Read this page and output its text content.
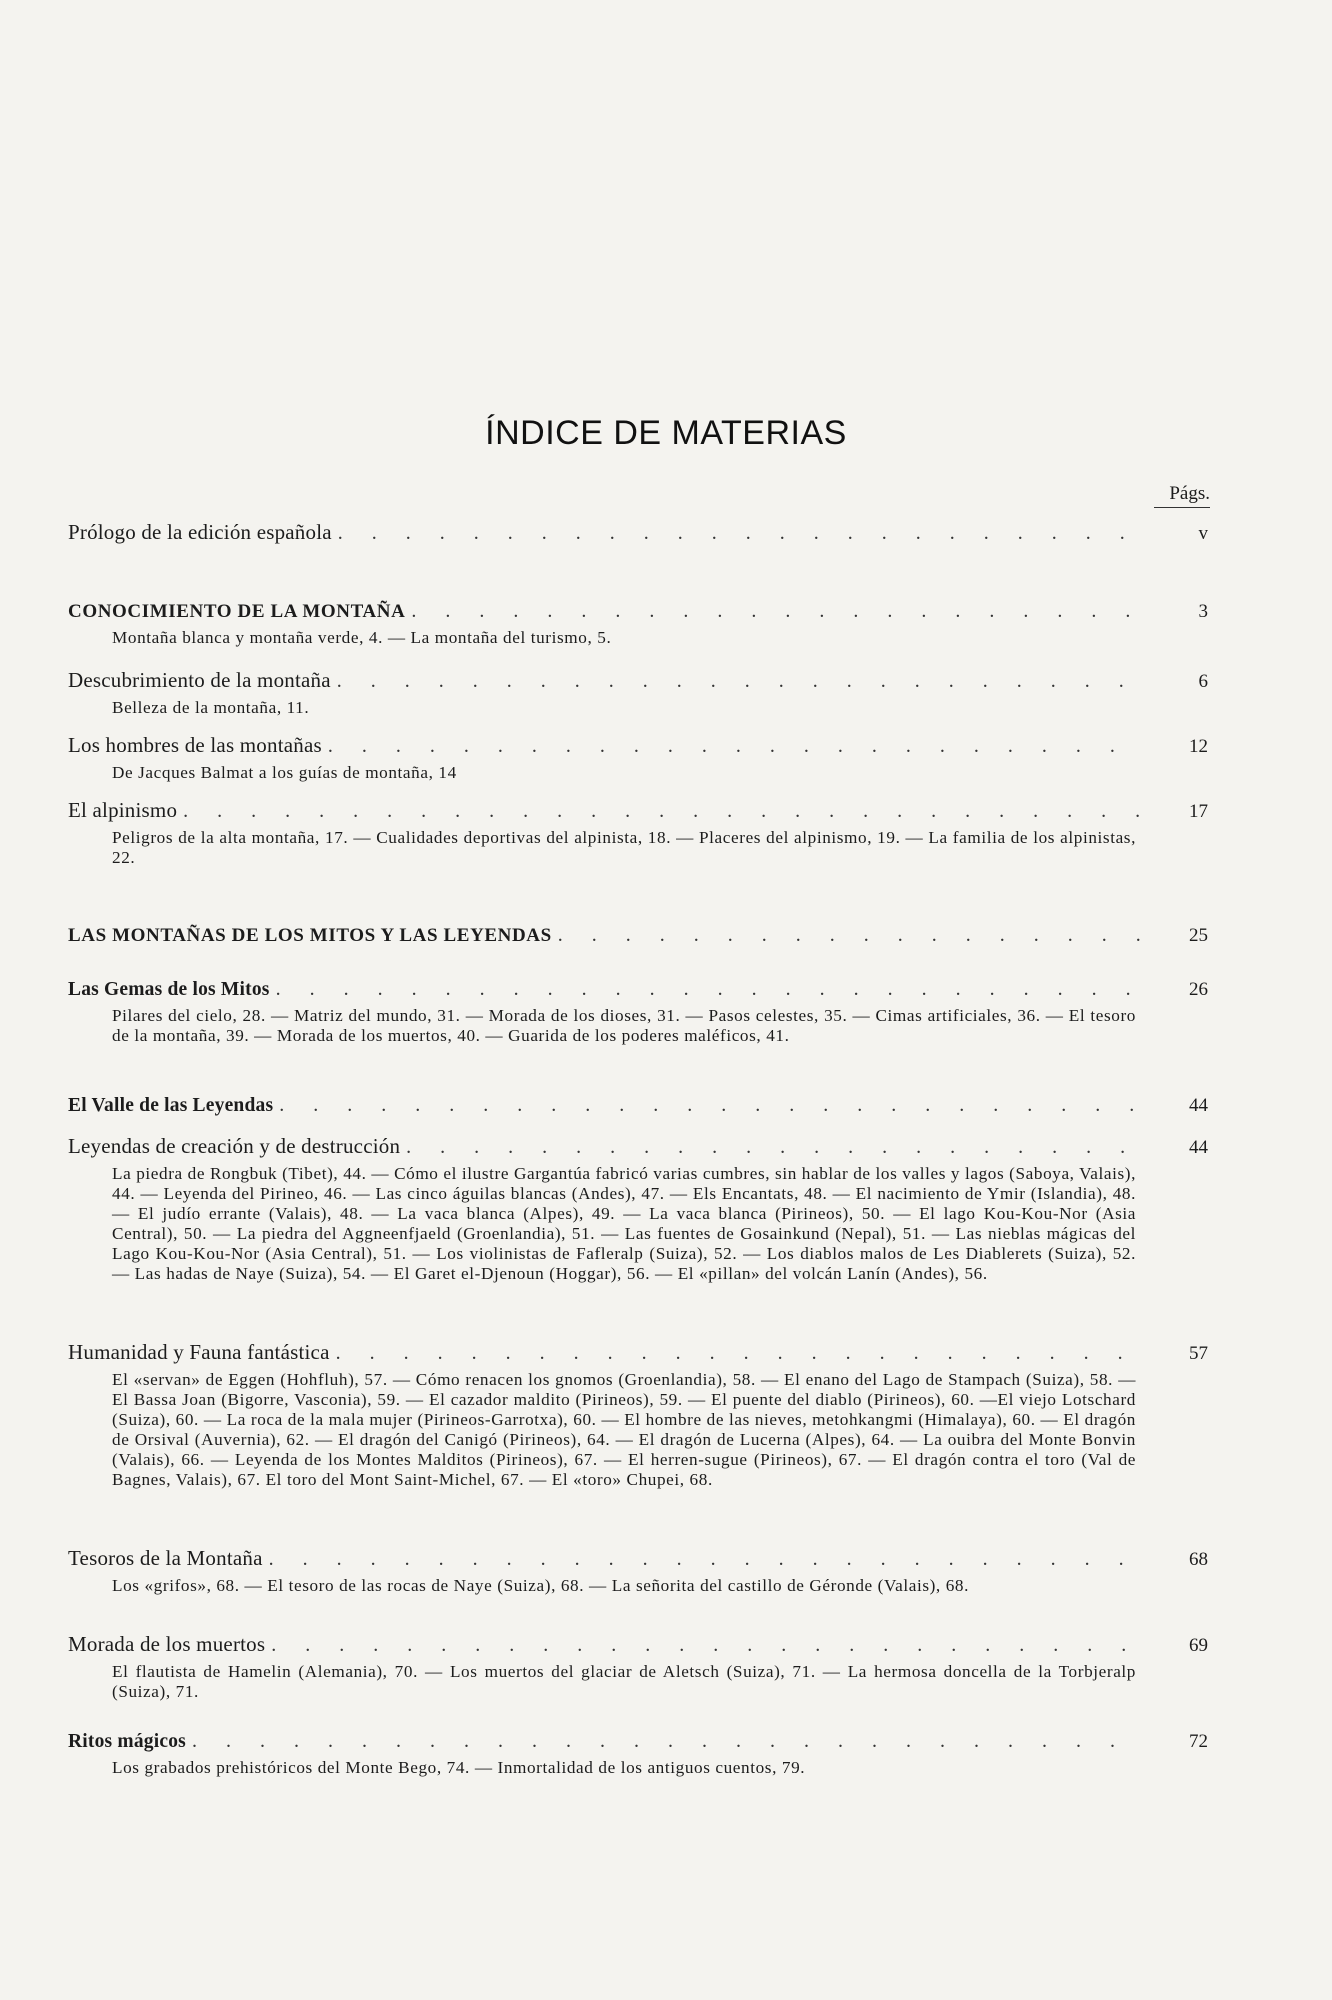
ÍNDICE DE MATERIAS
Págs.
Prólogo de la edición española . . .	v
CONOCIMIENTO DE LA MONTAÑA . . .	3
Montaña blanca y montaña verde, 4. — La montaña del turismo, 5.
Descubrimiento de la montaña . . .	6
Belleza de la montaña, 11.
Los hombres de las montañas . . .	12
De Jacques Balmat a los guías de montaña, 14
El alpinismo . . .	17
Peligros de la alta montaña, 17. — Cualidades deportivas del alpinista, 18. — Placeres del alpinismo, 19. — La familia de los alpinistas, 22.
LAS MONTAÑAS DE LOS MITOS Y LAS LEYENDAS . . .	25
Las Gemas de los Mitos . . .	26
Pilares del cielo, 28. — Matriz del mundo, 31. — Morada de los dioses, 31. — Pasos celestes, 35. — Cimas artificiales, 36. — El tesoro de la montaña, 39. — Morada de los muertos, 40. — Guarida de los poderes maléficos, 41.
El Valle de las Leyendas . . .	44
Leyendas de creación y de destrucción . . .	44
La piedra de Rongbuk (Tibet), 44. — Cómo el ilustre Gargantúa fabricó varias cumbres, sin hablar de los valles y lagos (Saboya, Valais), 44. — Leyenda del Pirineo, 46. — Las cinco águilas blancas (Andes), 47. — Els Encantats, 48. — El nacimiento de Ymir (Islandia), 48. — El judío errante (Valais), 48. — La vaca blanca (Alpes), 49. — La vaca blanca (Pirineos), 50. — El lago Kou-Kou-Nor (Asia Central), 50. — La piedra del Aggneenfjaeld (Groenlandia), 51. — Las fuentes de Gosainkund (Nepal), 51. — Las nieblas mágicas del Lago Kou-Kou-Nor (Asia Central), 51. — Los violinistas de Fafleralp (Suiza), 52. — Los diablos malos de Les Diablerets (Suiza), 52. — Las hadas de Naye (Suiza), 54. — El Garet el-Djenoun (Hoggar), 56. — El «pillan» del volcán Lanín (Andes), 56.
Humanidad y Fauna fantástica . . .	57
El «servan» de Eggen (Hohfluh), 57. — Cómo renacen los gnomos (Groenlandia), 58. — El enano del Lago de Stampach (Suiza), 58. — El Bassa Joan (Bigorre, Vasconia), 59. — El cazador maldito (Pirineos), 59. — El puente del diablo (Pirineos), 60. —El viejo Lotschard (Suiza), 60. — La roca de la mala mujer (Pirineos-Garrotxa), 60. — El hombre de las nieves, metohkangmi (Himalaya), 60. — El dragón de Orsival (Auvernia), 62. — El dragón del Canigó (Pirineos), 64. — El dragón de Lucerna (Alpes), 64. — La ouibra del Monte Bonvin (Valais), 66. — Leyenda de los Montes Malditos (Pirineos), 67. — El herren-sugue (Pirineos), 67. — El dragón contra el toro (Val de Bagnes, Valais), 67. El toro del Mont Saint-Michel, 67. — El «toro» Chupei, 68.
Tesoros de la Montaña . . .	68
Los «grifos», 68. — El tesoro de las rocas de Naye (Suiza), 68. — La señorita del castillo de Géronde (Valais), 68.
Morada de los muertos . . .	69
El flautista de Hamelin (Alemania), 70. — Los muertos del glaciar de Aletsch (Suiza), 71. — La hermosa doncella de la Torbjeralp (Suiza), 71.
Ritos mágicos . . .	72
Los grabados prehistóricos del Monte Bego, 74. — Inmortalidad de los antiguos cuentos, 79.
